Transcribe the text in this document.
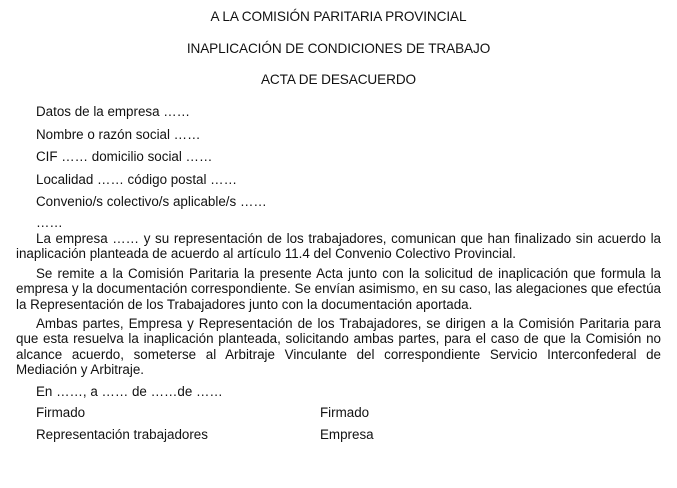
A LA COMISIÓN PARITARIA PROVINCIAL

INAPLICACIÓN DE CONDICIONES DE TRABAJO

ACTA DE DESACUERDO

Datos de la empresa ……
Nombre o razón social ……
CIF …… domicilio social ……
Localidad …… código postal ……
Convenio/s colectivo/s aplicable/s ……
……

La empresa …… y su representación de los trabajadores, comunican que han finalizado sin acuerdo la inaplicación planteada de acuerdo al artículo 11.4 del Convenio Colectivo Provincial.

Se remite a la Comisión Paritaria la presente Acta junto con la solicitud de inaplicación que formula la empresa y la documentación correspondiente. Se envían asimismo, en su caso, las alegaciones que efectúa la Representación de los Trabajadores junto con la documentación aportada.

Ambas partes, Empresa y Representación de los Trabajadores, se dirigen a la Comisión Paritaria para que esta resuelva la inaplicación planteada, solicitando ambas partes, para el caso de que la Comisión no alcance acuerdo, someterse al Arbitraje Vinculante del correspondiente Servicio Interconfederal de Mediación y Arbitraje.

En ……, a …… de ……de ……
Firmado	Firmado
Representación trabajadores	Empresa
